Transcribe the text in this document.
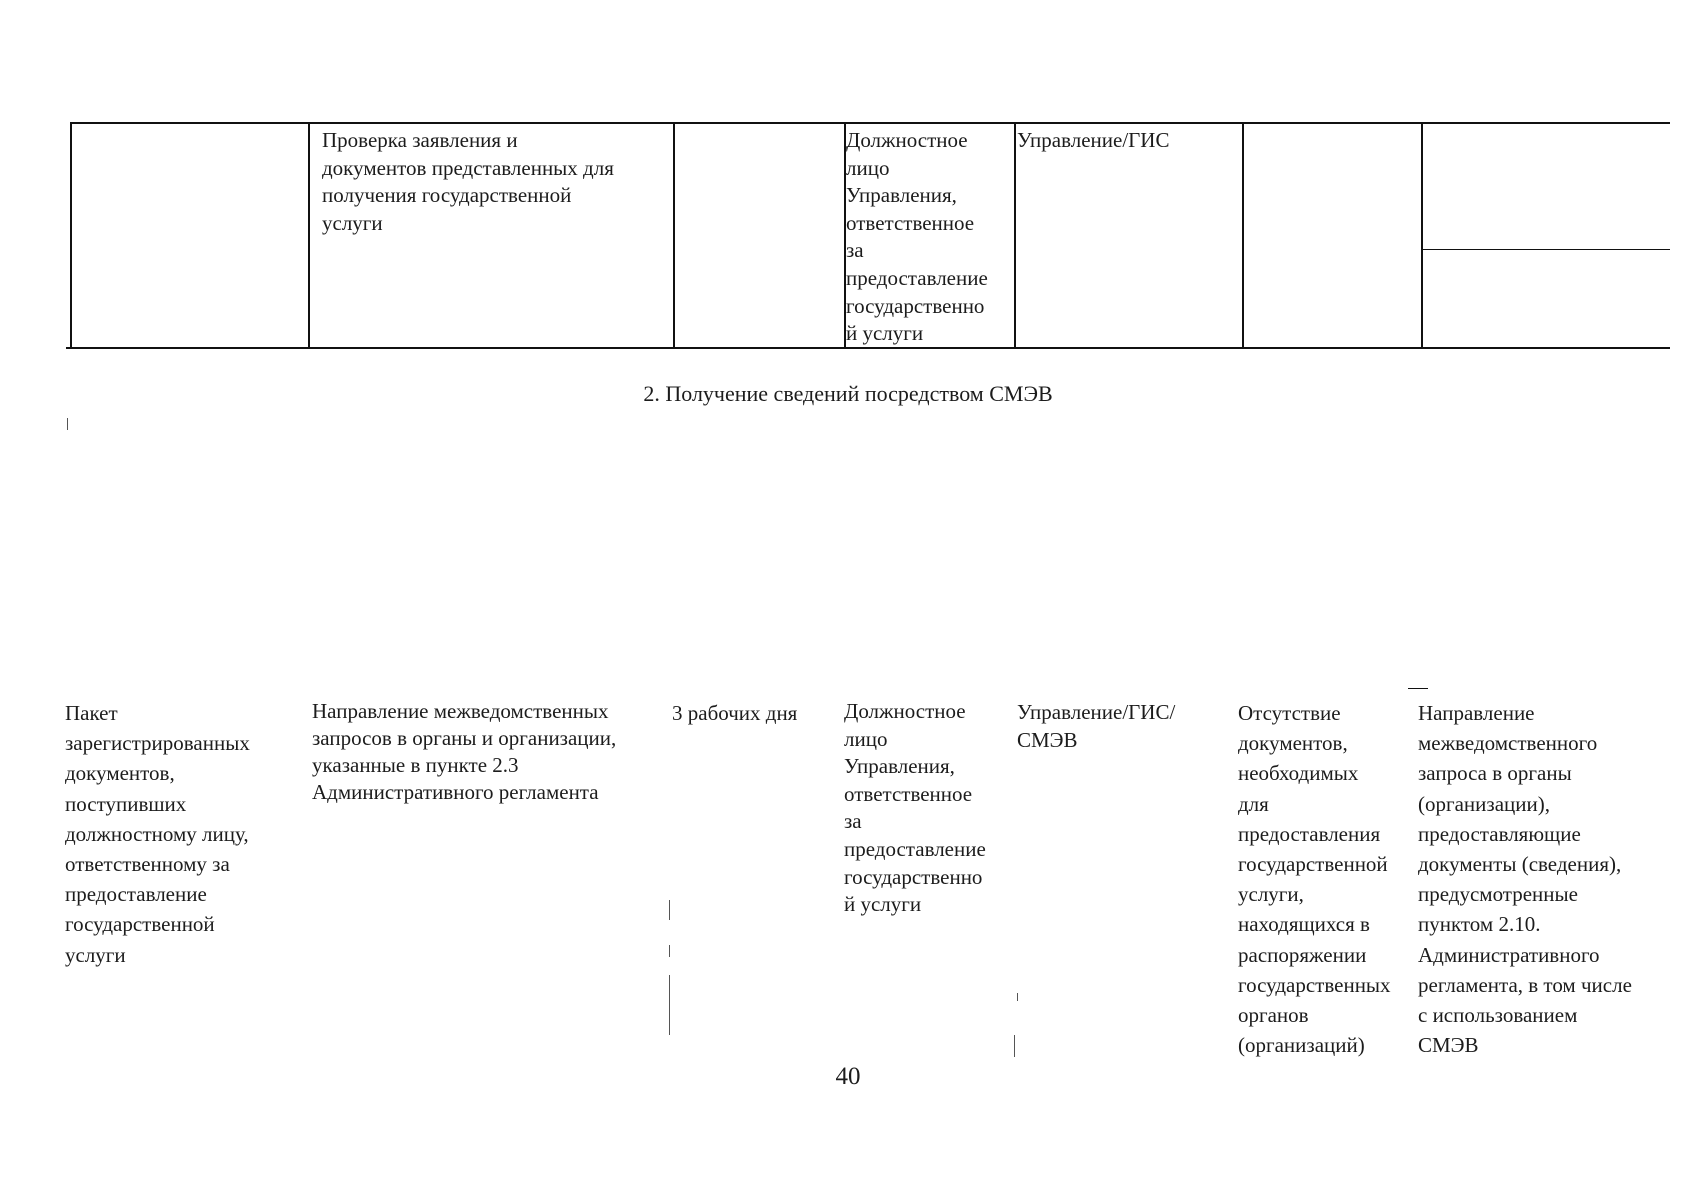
Проверка заявления и
документов представленных для
получения государственной
услуги
Должностное
лицо
Управления,
ответственное
за
предоставление
государственно
й услуги
Управление/ГИС
2. Получение сведений посредством СМЭВ
Пакет
зарегистрированных
документов,
поступивших
должностному лицу,
ответственному за
предоставление
государственной
услуги
Направление межведомственных
запросов в органы и организации,
указанные в пункте 2.3
Административного регламента
3 рабочих дня	Должностное
лицо
Управления,
ответственное
за
предоставление
государственно
й услуги
Управление/ГИС/
СМЭВ
Отсутствие
документов,
необходимых
для
предоставления
государственной
услуги,
находящихся в
распоряжении
государственных
органов
(организаций)
Направление
межведомственного
запроса в органы
(организации),
предоставляющие
документы (сведения),
предусмотренные
пунктом 2.10.
Административного
регламента, в том числе
с использованием
СМЭВ
40
